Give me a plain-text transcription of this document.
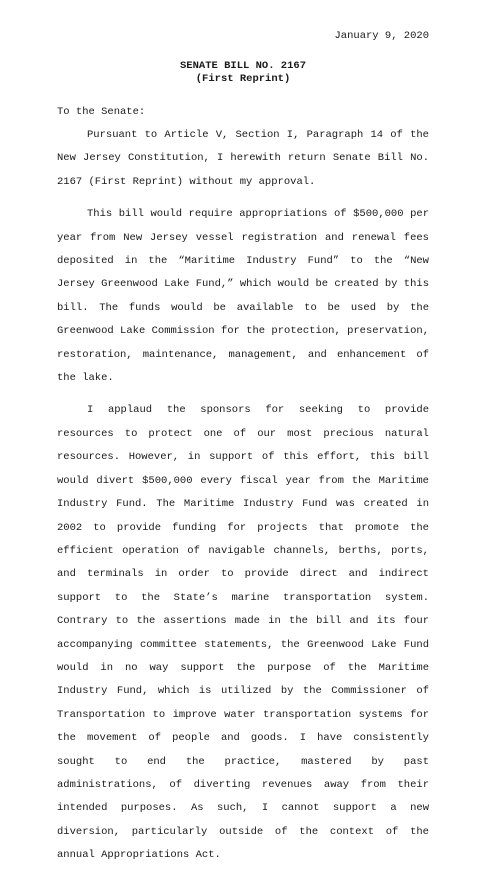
January 9, 2020
SENATE BILL NO. 2167
(First Reprint)
To the Senate:

Pursuant to Article V, Section I, Paragraph 14 of the New Jersey Constitution, I herewith return Senate Bill No. 2167 (First Reprint) without my approval.

This bill would require appropriations of $500,000 per year from New Jersey vessel registration and renewal fees deposited in the “Maritime Industry Fund” to the “New Jersey Greenwood Lake Fund,” which would be created by this bill. The funds would be available to be used by the Greenwood Lake Commission for the protection, preservation, restoration, maintenance, management, and enhancement of the lake.

I applaud the sponsors for seeking to provide resources to protect one of our most precious natural resources. However, in support of this effort, this bill would divert $500,000 every fiscal year from the Maritime Industry Fund. The Maritime Industry Fund was created in 2002 to provide funding for projects that promote the efficient operation of navigable channels, berths, ports, and terminals in order to provide direct and indirect support to the State’s marine transportation system. Contrary to the assertions made in the bill and its four accompanying committee statements, the Greenwood Lake Fund would in no way support the purpose of the Maritime Industry Fund, which is utilized by the Commissioner of Transportation to improve water transportation systems for the movement of people and goods. I have consistently sought to end the practice, mastered by past administrations, of diverting revenues away from their intended purposes. As such, I cannot support a new diversion, particularly outside of the context of the annual Appropriations Act.
